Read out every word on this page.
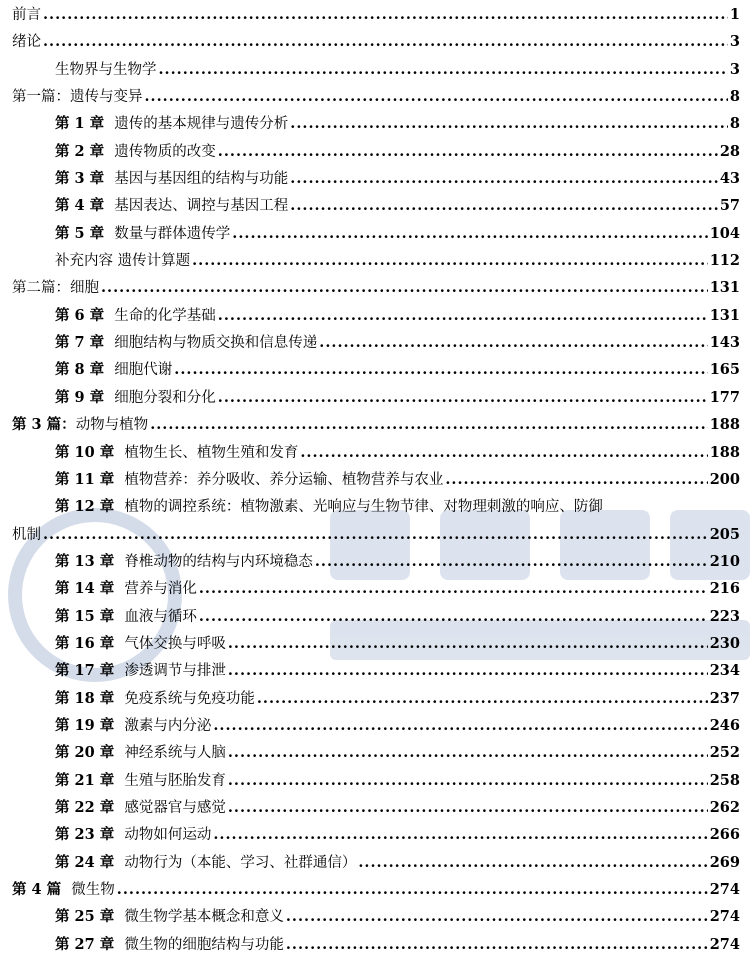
前言 .....	1
绪论 .....	3
生物界与生物学 .....	3
第一篇：遗传与变异 .....	8
第 1 章 遗传的基本规律与遗传分析 .....	8
第 2 章 遗传物质的改变 .....	28
第 3 章 基因与基因组的结构与功能 .....	43
第 4 章 基因表达、调控与基因工程 .....	57
第 5 章 数量与群体遗传学 .....	104
补充内容 遗传计算题 .....	112
第二篇：细胞 .....	131
第 6 章 生命的化学基础 .....	131
第 7 章 细胞结构与物质交换和信息传递 .....	143
第 8 章 细胞代谢 .....	165
第 9 章 细胞分裂和分化 .....	177
第 3 篇： 动物与植物 .....	188
第 10 章 植物生长、植物生殖和发育 .....	188
第 11 章 植物营养：养分吸收、养分运输、植物营养与农业 .....	200
第 12 章 植物的调控系统：植物激素、光响应与生物节律、对物理刺激的响应、防御
机制 .....	205
第 13 章 脊椎动物的结构与内环境稳态 .....	210
第 14 章 营养与消化 .....	216
第 15 章 血液与循环 .....	223
第 16 章 气体交换与呼吸 .....	230
第 17 章 渗透调节与排泄 .....	234
第 18 章 免疫系统与免疫功能 .....	237
第 19 章 激素与内分泌 .....	246
第 20 章 神经系统与人脑 .....	252
第 21 章 生殖与胚胎发育 .....	258
第 22 章 感觉器官与感觉 .....	262
第 23 章 动物如何运动 .....	266
第 24 章 动物行为（本能、学习、社群通信） .....	269
第 4 篇 微生物 .....	274
第 25 章 微生物学基本概念和意义 .....	274
第 27 章 微生物的细胞结构与功能 .....	274
